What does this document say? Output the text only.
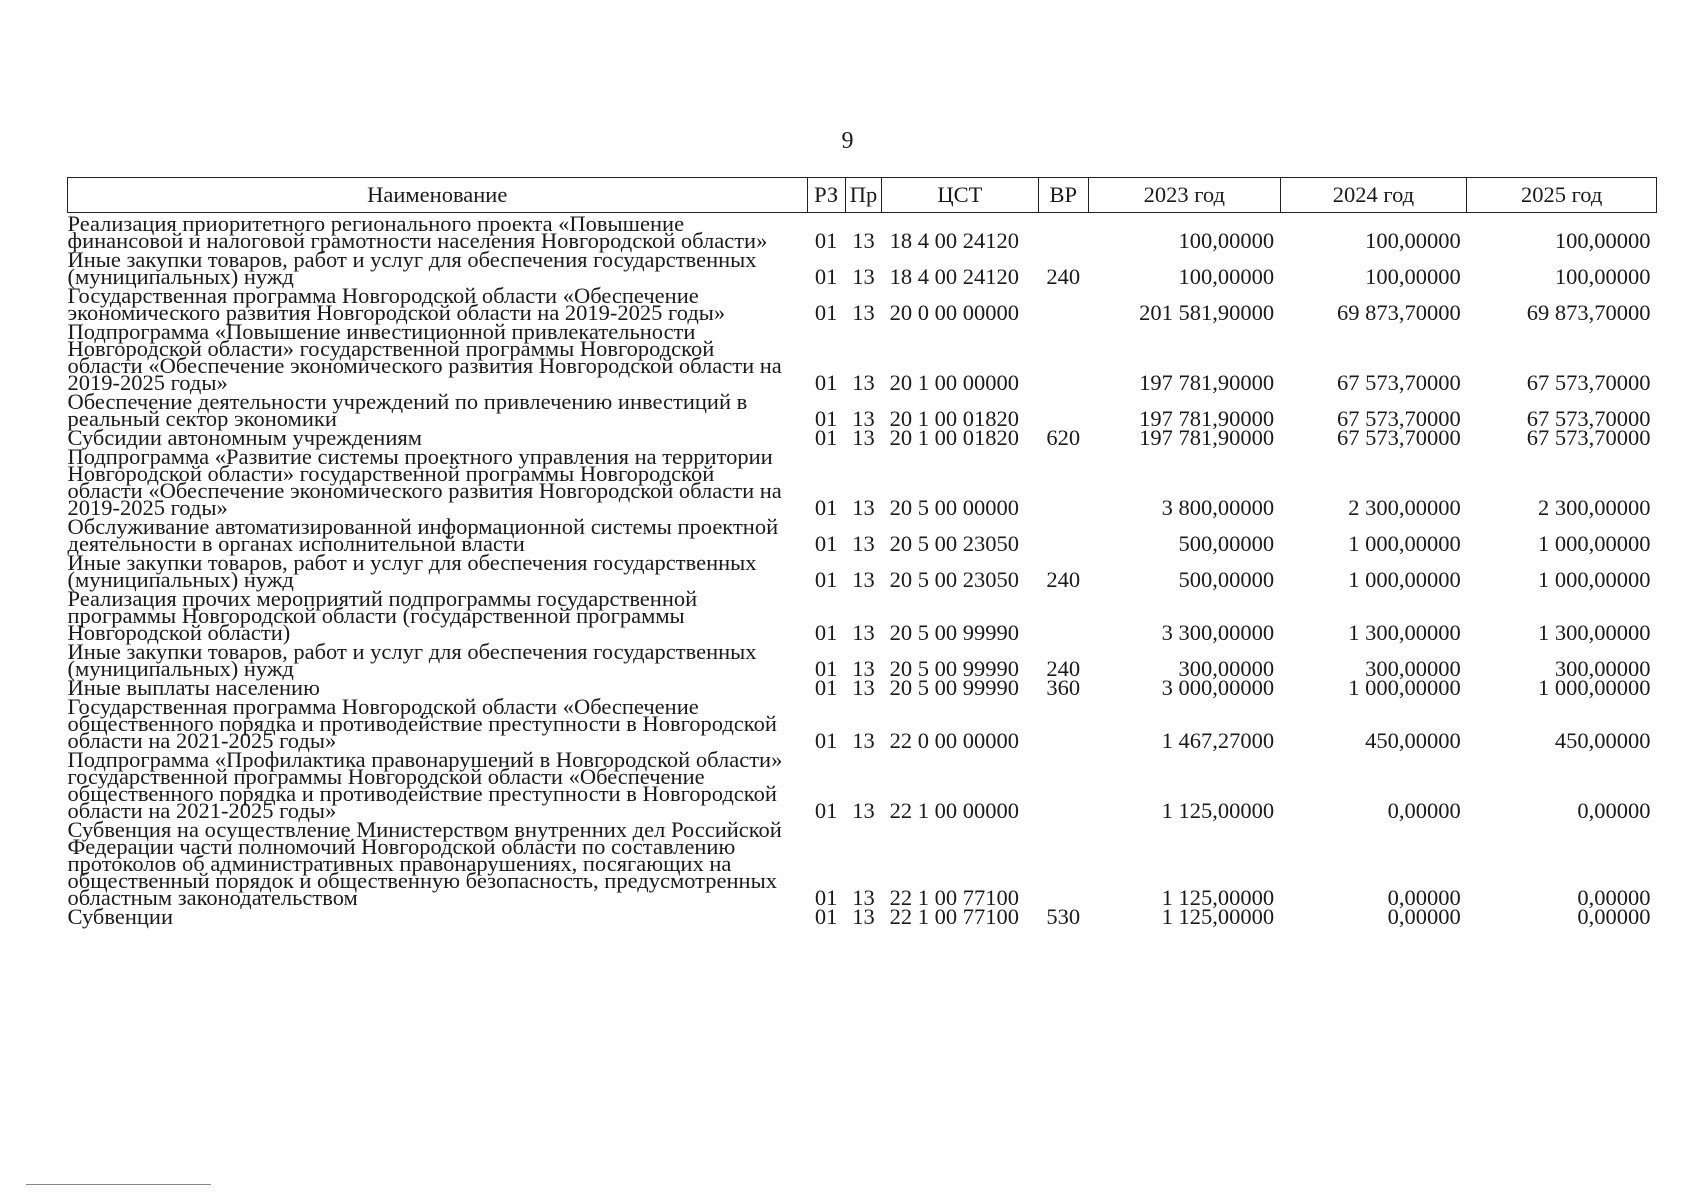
9
Наименование	РЗ	Пр	ЦСТ	ВР	2023 год	2024 год	2025 год
Реализация приоритетного регионального проекта «Повышение финансовой и налоговой грамотности населения Новгородской области»	01	13	18 4 00 24120		100,00000	100,00000	100,00000
Иные закупки товаров, работ и услуг для обеспечения государственных (муниципальных) нужд	01	13	18 4 00 24120	240	100,00000	100,00000	100,00000
Государственная программа Новгородской области «Обеспечение экономического развития Новгородской области на 2019-2025 годы»	01	13	20 0 00 00000		201 581,90000	69 873,70000	69 873,70000
Подпрограмма «Повышение инвестиционной привлекательности Новгородской области» государственной программы Новгородской области «Обеспечение экономического развития Новгородской области на 2019-2025 годы»	01	13	20 1 00 00000		197 781,90000	67 573,70000	67 573,70000
Обеспечение деятельности учреждений по привлечению инвестиций в реальный сектор экономики	01	13	20 1 00 01820		197 781,90000	67 573,70000	67 573,70000
Субсидии автономным учреждениям	01	13	20 1 00 01820	620	197 781,90000	67 573,70000	67 573,70000
Подпрограмма «Развитие системы проектного управления на территории Новгородской области» государственной программы Новгородской области «Обеспечение экономического развития Новгородской области на 2019-2025 годы»	01	13	20 5 00 00000		3 800,00000	2 300,00000	2 300,00000
Обслуживание автоматизированной информационной системы проектной деятельности в органах исполнительной власти	01	13	20 5 00 23050		500,00000	1 000,00000	1 000,00000
Иные закупки товаров, работ и услуг для обеспечения государственных (муниципальных) нужд	01	13	20 5 00 23050	240	500,00000	1 000,00000	1 000,00000
Реализация прочих мероприятий подпрограммы государственной программы Новгородской области (государственной программы Новгородской области)	01	13	20 5 00 99990		3 300,00000	1 300,00000	1 300,00000
Иные закупки товаров, работ и услуг для обеспечения государственных (муниципальных) нужд	01	13	20 5 00 99990	240	300,00000	300,00000	300,00000
Иные выплаты населению	01	13	20 5 00 99990	360	3 000,00000	1 000,00000	1 000,00000
Государственная программа Новгородской области «Обеспечение общественного порядка и противодействие преступности в Новгородской области на 2021-2025 годы»	01	13	22 0 00 00000		1 467,27000	450,00000	450,00000
Подпрограмма «Профилактика правонарушений в Новгородской области» государственной программы Новгородской области «Обеспечение общественного порядка и противодействие преступности в Новгородской области на 2021-2025 годы»	01	13	22 1 00 00000		1 125,00000	0,00000	0,00000
Субвенция на осуществление Министерством внутренних дел Российской Федерации части полномочий Новгородской области по составлению протоколов об административных правонарушениях, посягающих на общественный порядок и общественную безопасность, предусмотренных областным законодательством	01	13	22 1 00 77100		1 125,00000	0,00000	0,00000
Субвенции	01	13	22 1 00 77100	530	1 125,00000	0,00000	0,00000
